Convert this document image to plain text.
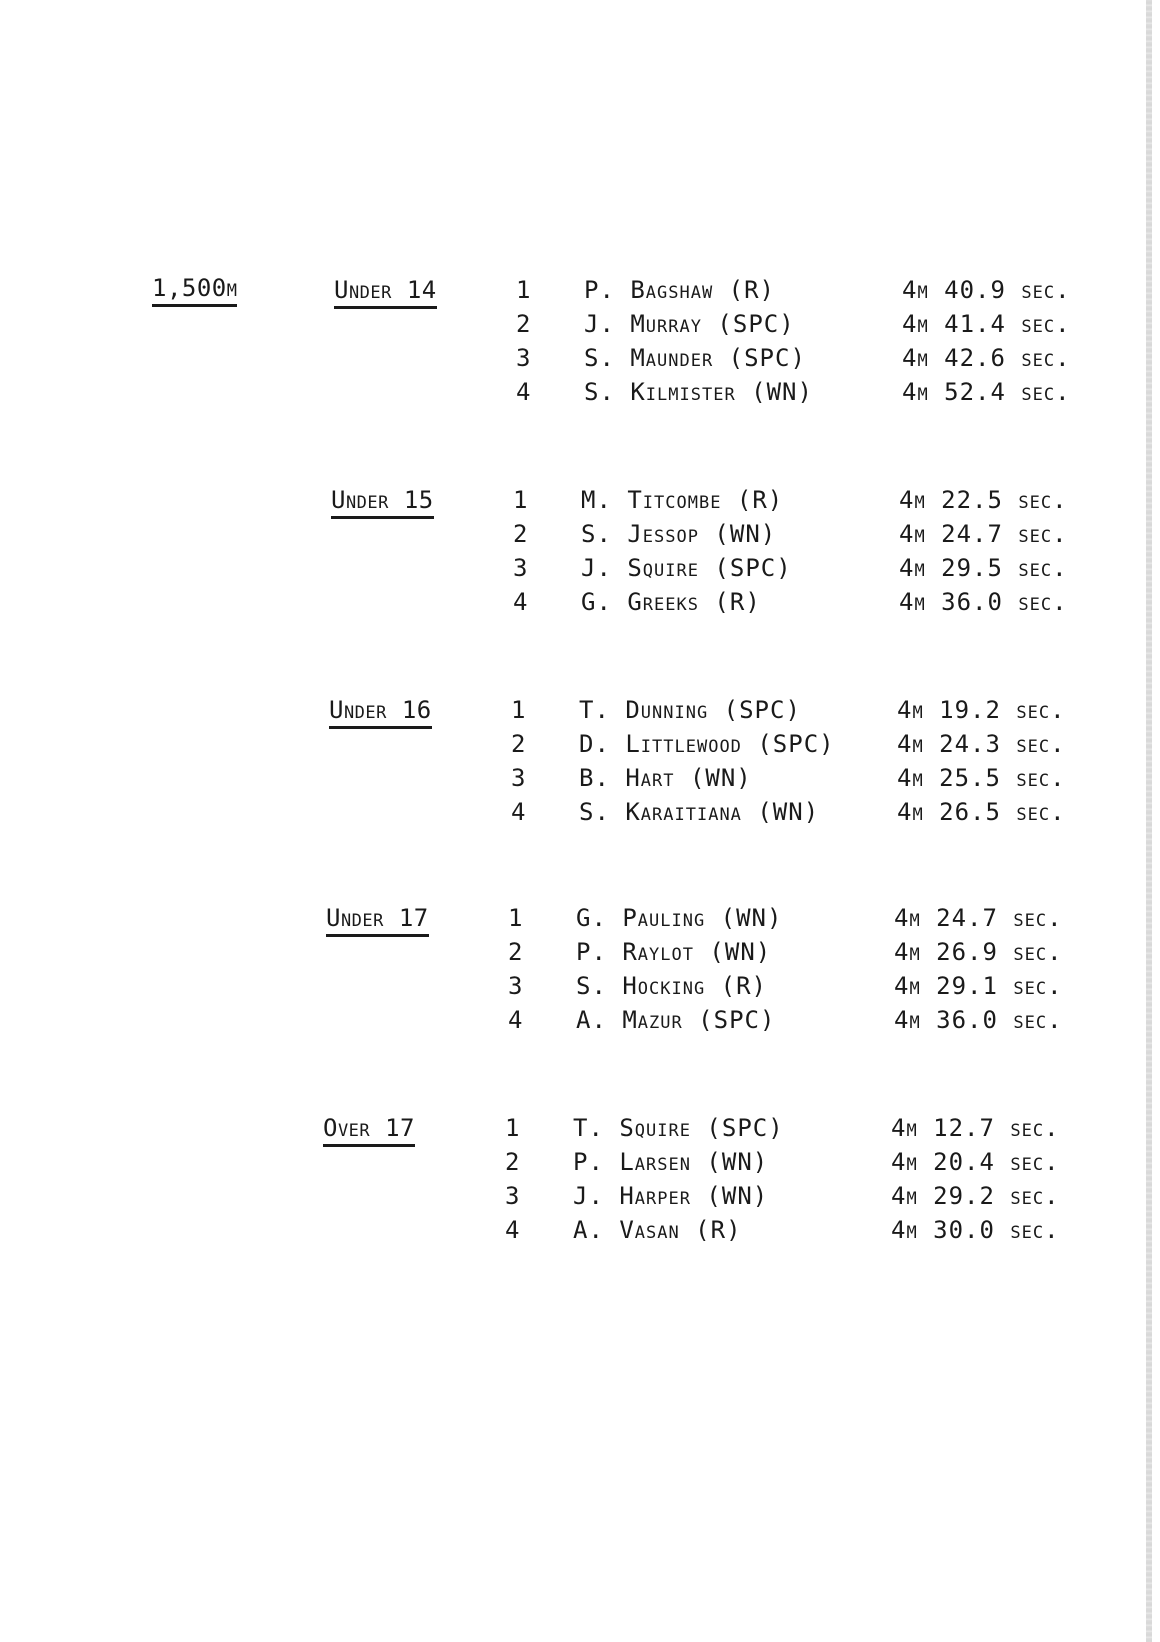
1,500m	Under 14	1 P. Bagshaw (R)	4m 40.9 sec.
2 J. Murray (SPC)	4m 41.4 sec.
3 S. Maunder (SPC)	4m 42.6 sec.
4 S. Kilmister (WN)	4m 52.4 sec.
Under 15	1 M. Titcombe (R)	4m 22.5 sec.
2 S. Jessop (WN)	4m 24.7 sec.
3 J. Squire (SPC)	4m 29.5 sec.
4 G. Greeks (R)	4m 36.0 sec.
Under 16	1 T. Dunning (SPC)	4m 19.2 sec.
2 D. Littlewood (SPC)	4m 24.3 sec.
3 B. Hart (WN)	4m 25.5 sec.
4 S. Karaitiana (WN)	4m 26.5 sec.
Under 17	1 G. Pauling (WN)	4m 24.7 sec.
2 P. Raylot (WN)	4m 26.9 sec.
3 S. Hocking (R)	4m 29.1 sec.
4 A. Mazur (SPC)	4m 36.0 sec.
Over 17	1 T. Squire (SPC)	4m 12.7 sec.
2 P. Larsen (WN)	4m 20.4 sec.
3 J. Harper (WN)	4m 29.2 sec.
4 A. Vasan (R)	4m 30.0 sec.
